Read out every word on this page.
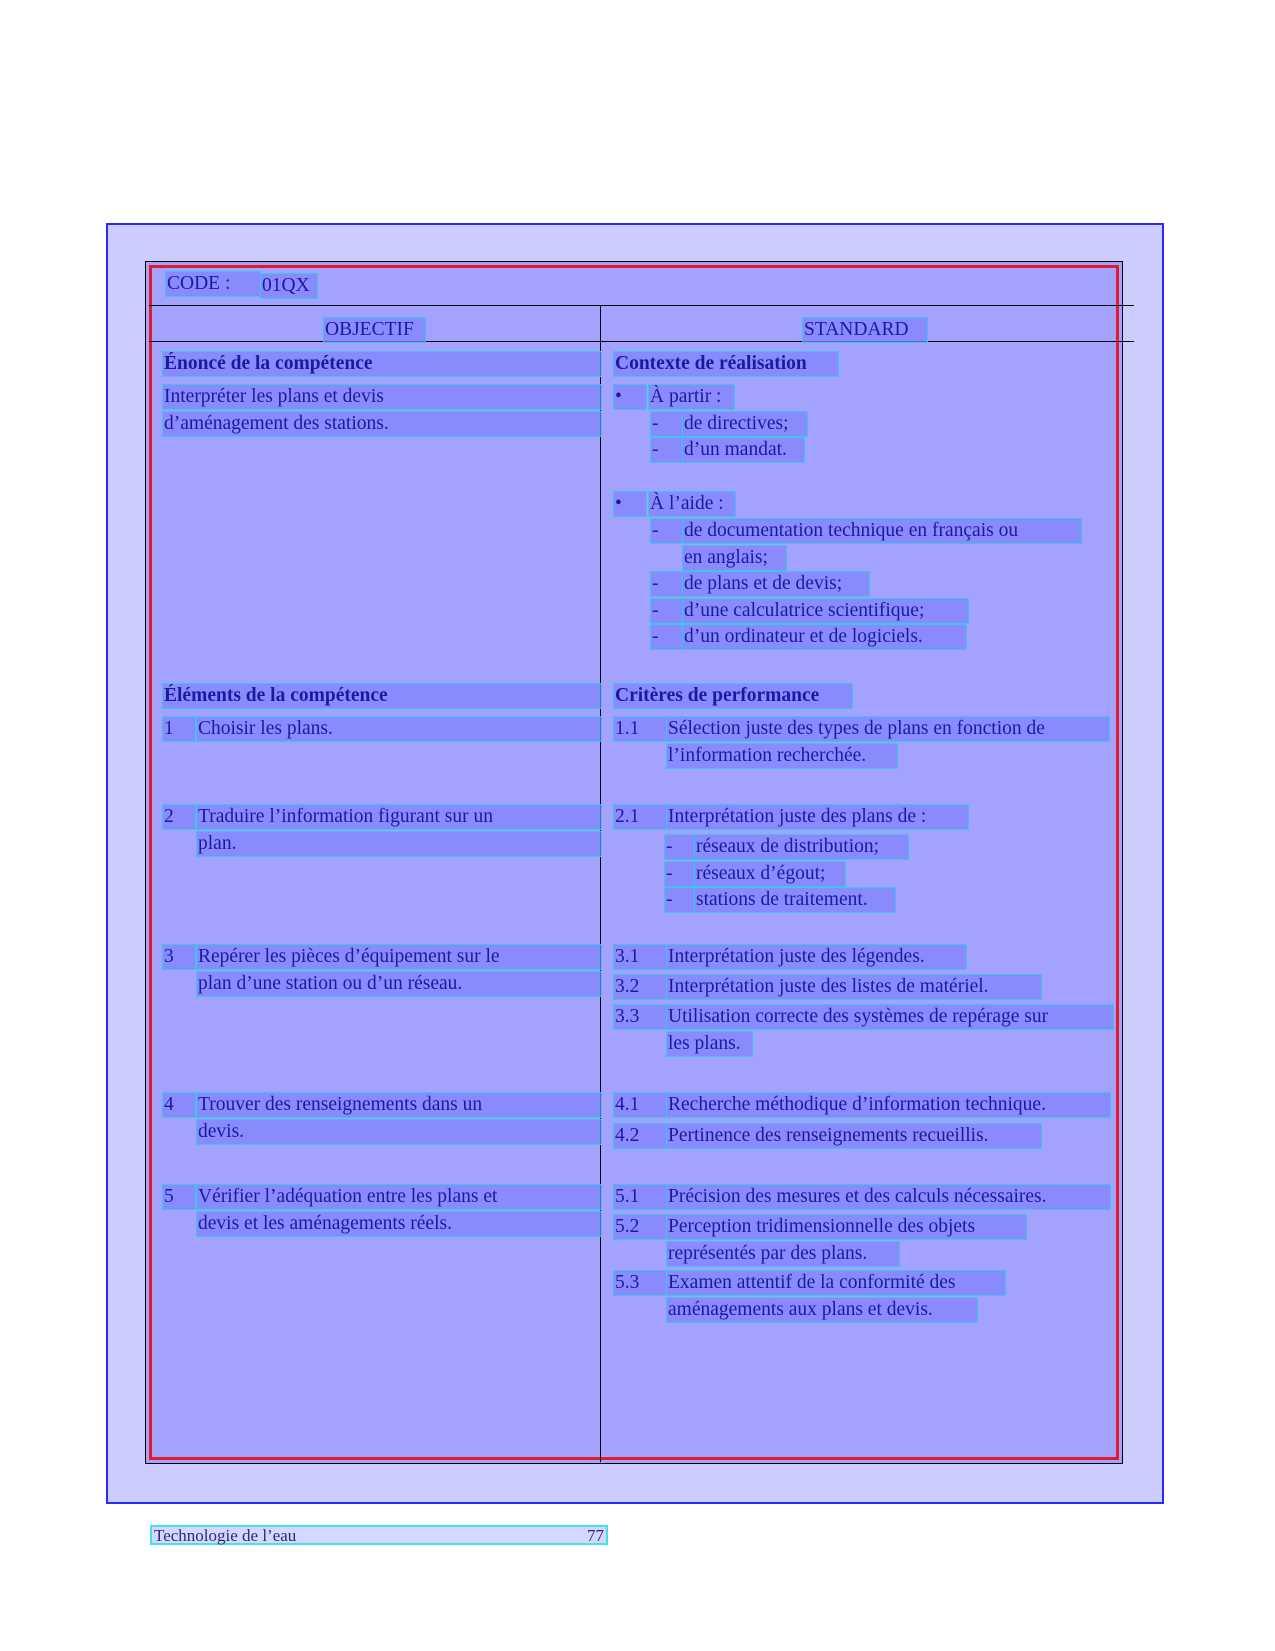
CODE :	01QX
OBJECTIF	STANDARD
Énoncé de la compétence
Interpréter les plans et devis
d’aménagement des stations.
Contexte de réalisation
•	À partir :
-	de directives;
-	d’un mandat.
•	À l’aide :
-	de documentation technique en français ou
en anglais;
-	de plans et de devis;
-	d’une calculatrice scientifique;
-	d’un ordinateur et de logiciels.
Éléments de la compétence
1	Choisir les plans.
2	Traduire l’information figurant sur un
plan.
3	Repérer les pièces d’équipement sur le
plan d’une station ou d’un réseau.
4	Trouver des renseignements dans un
devis.
5	Vérifier l’adéquation entre les plans et
devis et les aménagements réels.
Critères de performance
1.1	Sélection juste des types de plans en fonction de
l’information recherchée.
2.1	Interprétation juste des plans de :
-	réseaux de distribution;
-	réseaux d’égout;
-	stations de traitement.
3.1	Interprétation juste des légendes.
3.2	Interprétation juste des listes de matériel.
3.3	Utilisation correcte des systèmes de repérage sur
les plans.
4.1	Recherche méthodique d’information technique.
4.2	Pertinence des renseignements recueillis.
5.1	Précision des mesures et des calculs nécessaires.
5.2	Perception tridimensionnelle des objets
représentés par des plans.
5.3	Examen attentif de la conformité des
aménagements aux plans et devis.
Technologie de l’eau	77
